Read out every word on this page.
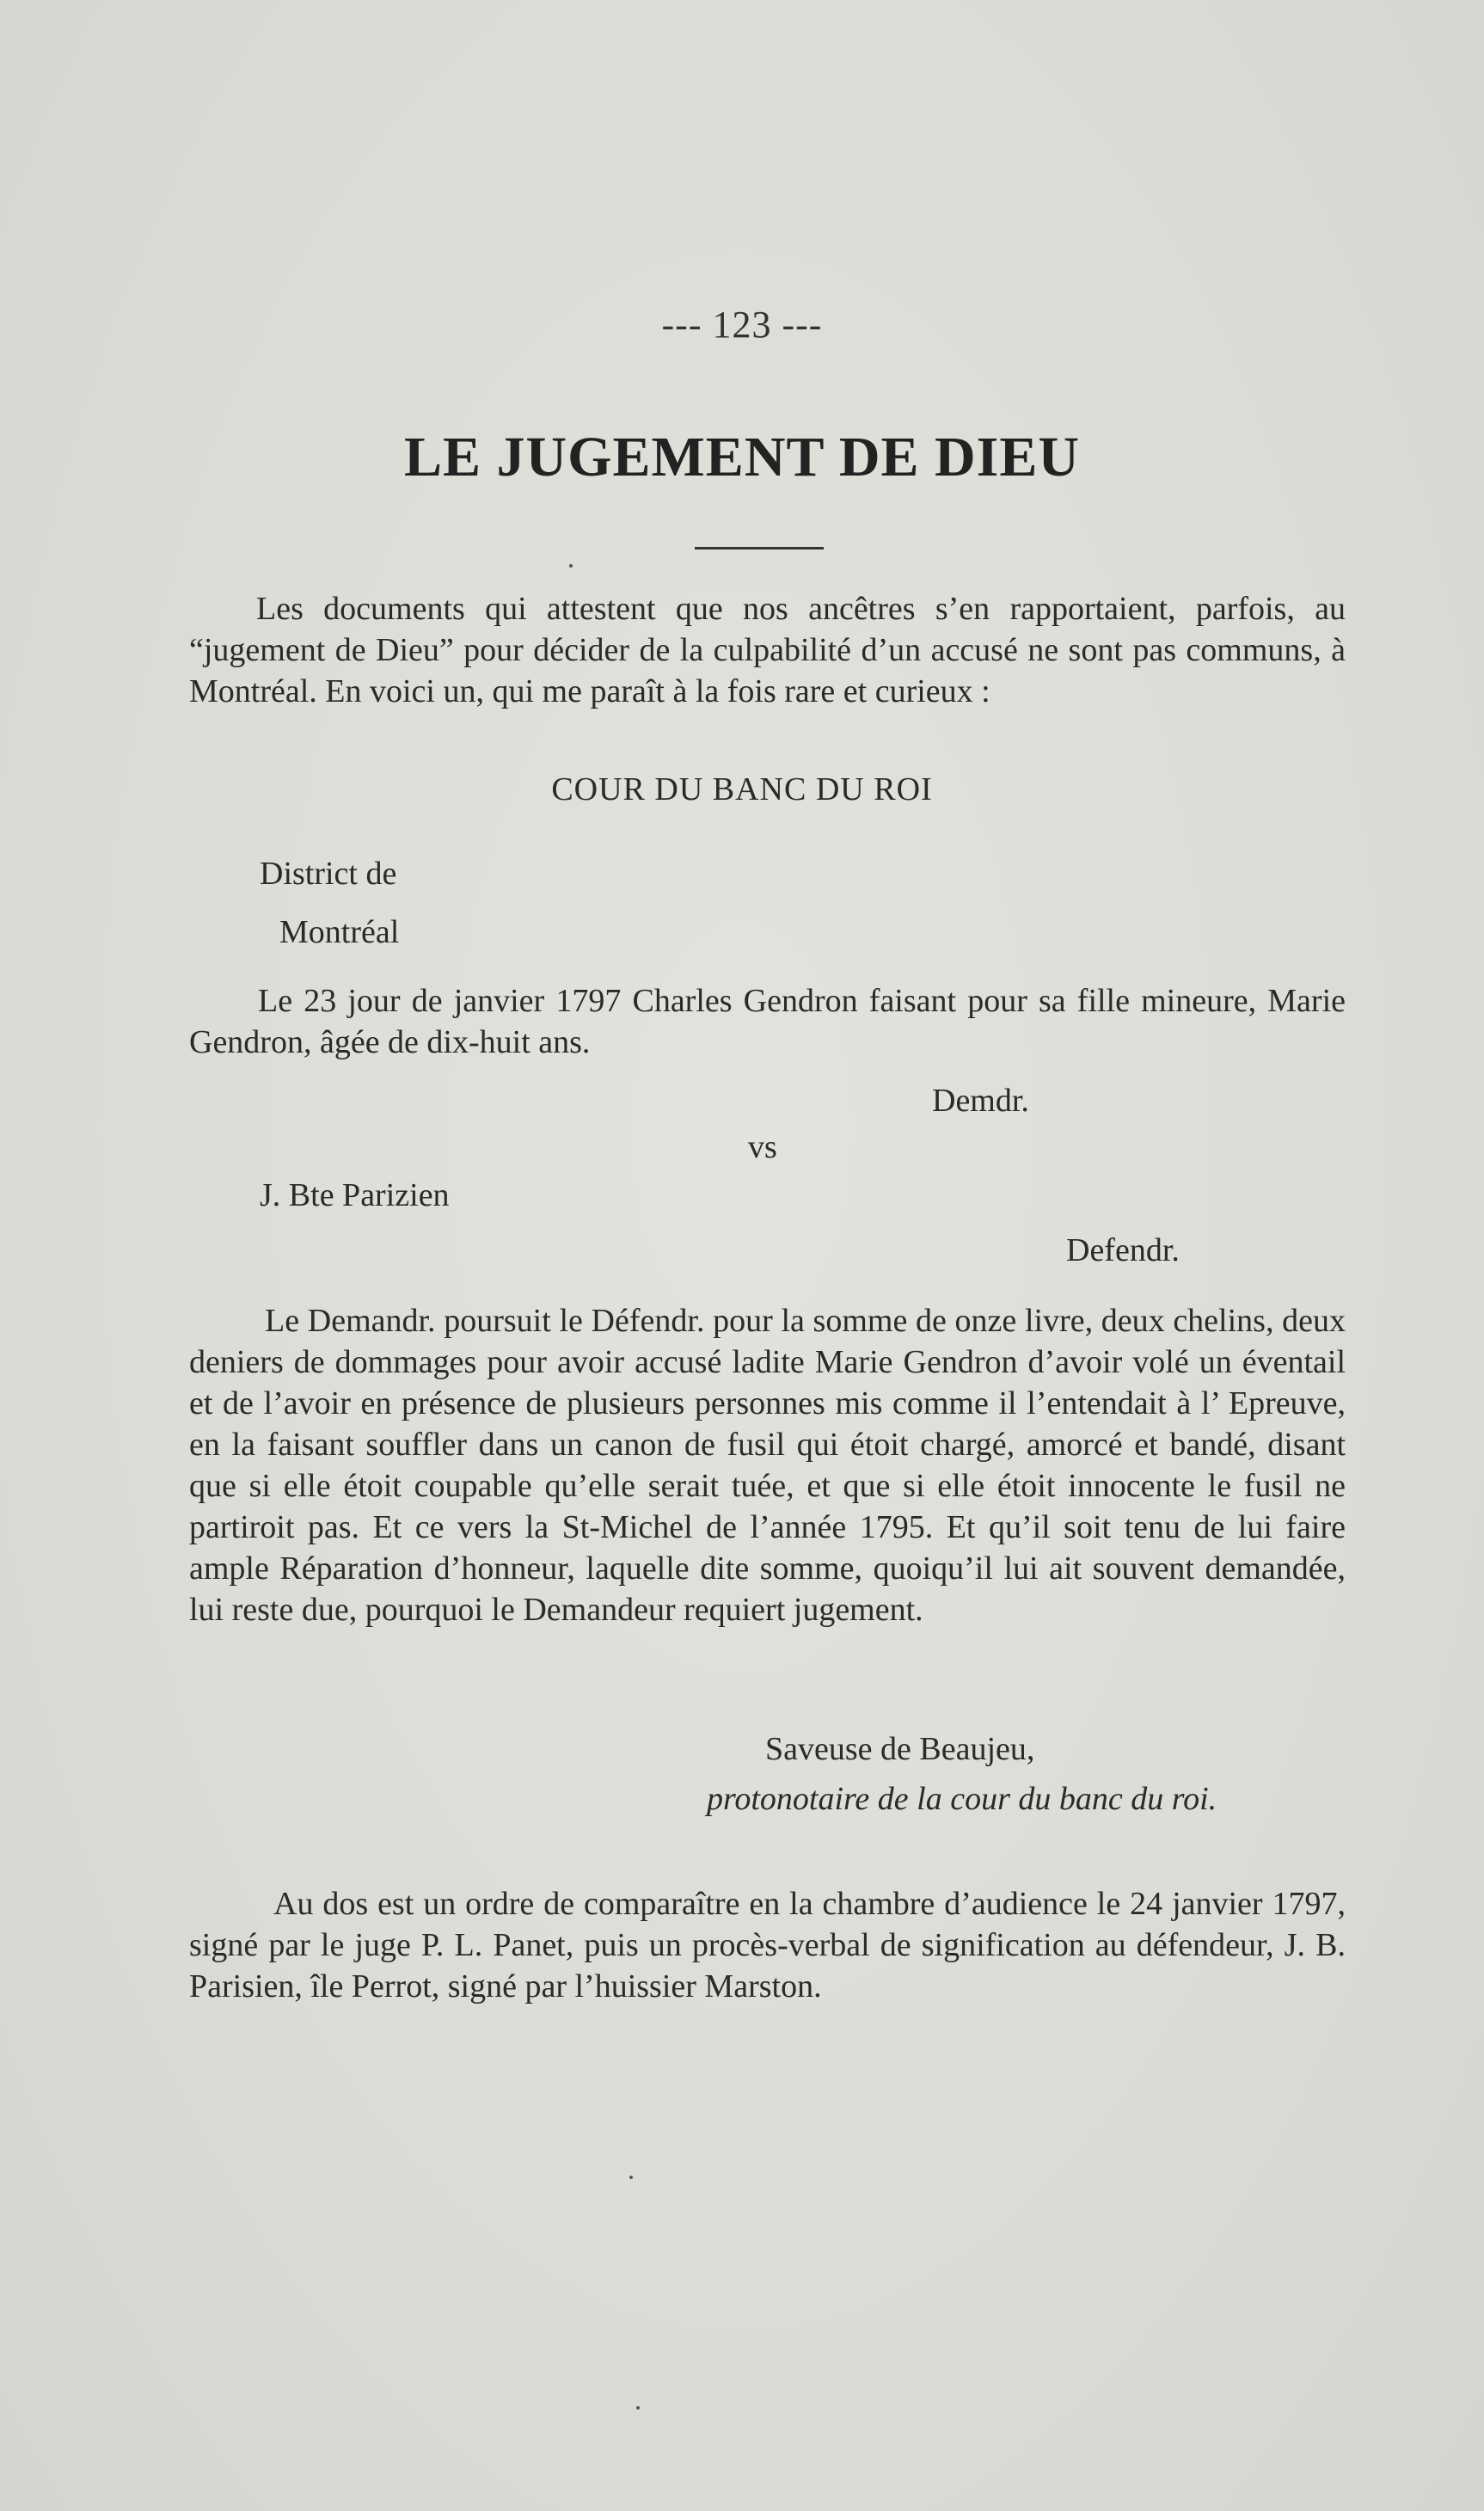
--- 123 ---
LE JUGEMENT DE DIEU
Les documents qui attestent que nos ancêtres s’en rapportaient, parfois, au “jugement de Dieu” pour décider de la culpabilité d’un accusé ne sont pas communs, à Montréal. En voici un, qui me paraît à la fois rare et curieux :
COUR DU BANC DU ROI
District de
Montréal
Le 23 jour de janvier 1797 Charles Gendron faisant pour sa fille mineure, Marie Gendron, âgée de dix-huit ans.
Demdr.
vs
J. Bte Parizien
Defendr.
Le Demandr. poursuit le Défendr. pour la somme de onze livre, deux chelins, deux deniers de dommages pour avoir accusé ladite Marie Gendron d’avoir volé un éventail et de l’avoir en présence de plusieurs personnes mis comme il l’entendait à l’ Epreuve, en la faisant souffler dans un canon de fusil qui étoit chargé, amorcé et bandé, disant que si elle étoit coupable qu’elle serait tuée, et que si elle étoit innocente le fusil ne partiroit pas. Et ce vers la St-Michel de l’année 1795. Et qu’il soit tenu de lui faire ample Réparation d’honneur, laquelle dite somme, quoiqu’il lui ait souvent demandée, lui reste due, pourquoi le Demandeur requiert jugement.
Saveuse de Beaujeu,
protonotaire de la cour du banc du roi.
Au dos est un ordre de comparaître en la chambre d’audience le 24 janvier 1797, signé par le juge P. L. Panet, puis un procès-verbal de signification au défendeur, J. B. Parisien, île Perrot, signé par l’huissier Marston.
